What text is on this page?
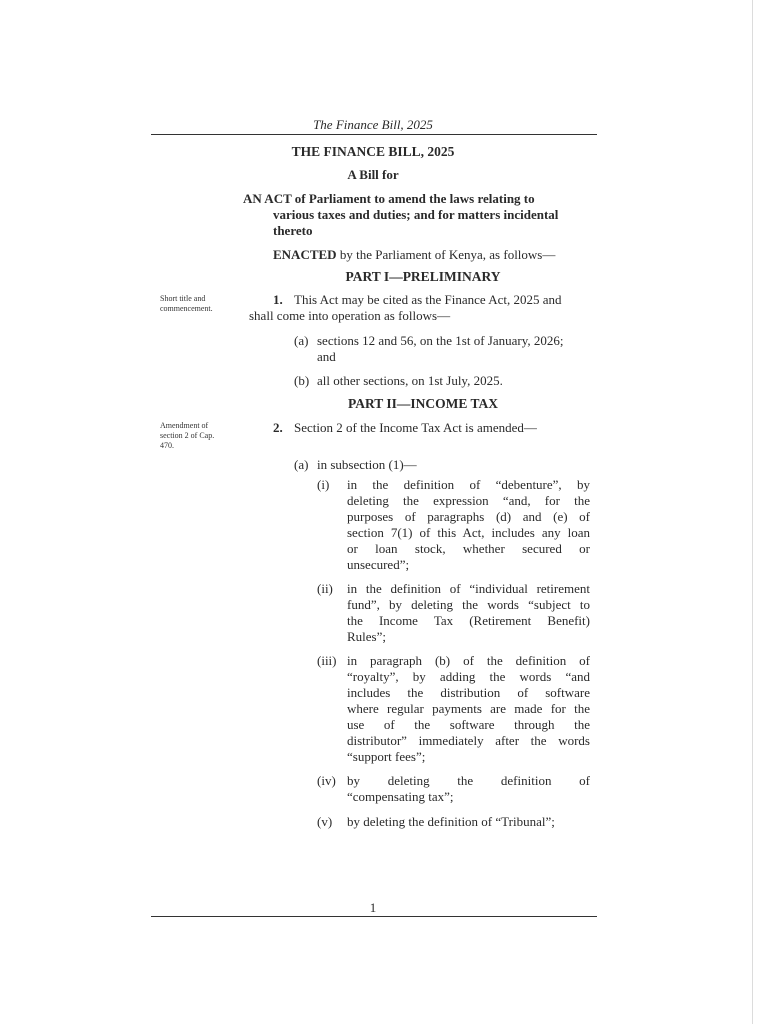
The Finance Bill, 2025
THE FINANCE BILL, 2025
A Bill for
AN ACT of Parliament to amend the laws relating to
various taxes and duties; and for matters incidental
thereto
ENACTED by the Parliament of Kenya, as follows—
PART I—PRELIMINARY
Short title and
commencement.
1. This Act may be cited as the Finance Act, 2025 and
shall come into operation as follows—
(a) sections 12 and 56, on the 1st of January, 2026;
and
(b) all other sections, on 1st July, 2025.
PART II—INCOME TAX
Amendment of
section 2 of Cap.
470.
2. Section 2 of the Income Tax Act is amended—
(a) in subsection (1)—
(i) in the definition of “debenture”, by
deleting the expression “and, for the
purposes of paragraphs (d) and (e) of
section 7(1) of this Act, includes any loan
or loan stock, whether secured or
unsecured”;
(ii) in the definition of “individual retirement
fund”, by deleting the words “subject to
the Income Tax (Retirement Benefit)
Rules”;
(iii) in paragraph (b) of the definition of
“royalty”, by adding the words “and
includes the distribution of software
where regular payments are made for the
use of the software through the
distributor” immediately after the words
“support fees”;
(iv) by deleting the definition of
“compensating tax”;
(v) by deleting the definition of “Tribunal”;
1
